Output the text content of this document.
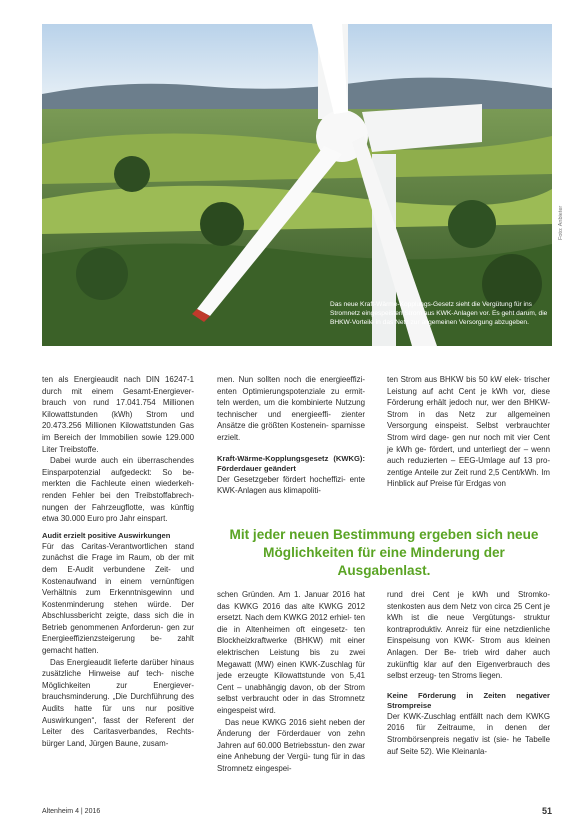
Das neue Kraft-Wärme-Kopplungs-Gesetz sieht die Vergütung für ins Stromnetz eingespeisten Strom aus KWK-Anlagen vor. Es geht darum, die BHKW-Vorteile in das Netz zur allgemeinen Versorgung abzugeben.
Foto: Anbieter
ten als Energieaudit nach DIN 16247-1 durch mit einem Gesamt-Energiever- brauch von rund 17.041.754 Millionen Kilowattstunden (kWh) Strom und 20.473.256 Millionen Kilowattstunden Gas im Bereich der Immobilien sowie 129.000 Liter Treibstoffe.
Dabei wurde auch ein überraschendes Einsparpotenzial aufgedeckt: So be- merkten die Fachleute einen wiederkeh- renden Fehler bei den Treibstoffabrech- nungen der Fahrzeugflotte, was künftig etwa 30.000 Euro pro Jahr einspart.
Audit erzielt positive Auswirkungen
Für das Caritas-Verantwortlichen stand zunächst die Frage im Raum, ob der mit dem E-Audit verbundene Zeit- und Kostenaufwand in einem vernünftigen Verhältnis zum Erkenntnisgewinn und Kostenminderung stehen würde. Der Abschlussbericht zeigte, dass sich die in Betrieb genommenen Anforderun- gen zur Energieeffizienzsteigerung be- zahlt gemacht hatten.
Das Energieaudit lieferte darüber hinaus zusätzliche Hinweise auf tech- nische Möglichkeiten zur Energiever- brauchsminderung. „Die Durchführung des Audits hatte für uns nur positive Auswirkungen“, fasst der Referent der Leiter des Caritasverbandes, Rechts- bürger Land, Jürgen Baune, zusam-
men. Nun sollten noch die energieeffizi- enten Optimierungspotenziale zu ermit- teln werden, um die kombinierte Nutzung technischer und energieeffi- zienter Ansätze die größten Kostenein- sparnisse erzielt.
Kraft-Wärme-Kopplungsgesetz (KWKG): Förderdauer geändert
Der Gesetzgeber fördert hocheffizi- ente KWK-Anlagen aus klimapoliti-
ten Strom aus BHKW bis 50 kW elek- trischer Leistung auf acht Cent je kWh vor, diese Förderung erhält jedoch nur, wer den BHKW-Strom in das Netz zur allgemeinen Versorgung einspeist. Selbst verbrauchter Strom wird dage- gen nur noch mit vier Cent je kWh ge- fördert, und unterliegt der – wenn auch reduzierten – EEG-Umlage auf 13 pro- zentige Anteile zur Zeit rund 2,5 Cent/kWh. Im Hinblick auf Preise für Erdgas von
Mit jeder neuen Bestimmung ergeben sich neue Möglichkeiten für eine Minderung der Ausgabenlast.
schen Gründen. Am 1. Januar 2016 hat das KWKG 2016 das alte KWKG 2012 ersetzt. Nach dem KWKG 2012 erhiel- ten die in Altenheimen oft eingesetz- ten Blockheizkraftwerke (BHKW) mit einer elektrischen Leistung bis zu zwei Megawatt (MW) einen KWK-Zuschlag für jede erzeugte Kilowattstunde von 5,41 Cent – unabhängig davon, ob der Strom selbst verbraucht oder in das Stromnetz eingespeist wird.
Das neue KWKG 2016 sieht neben der Änderung der Förderdauer von zehn Jahren auf 60.000 Betriebsstun- den zwar eine Anhebung der Vergü- tung für in das Stromnetz eingespei-
rund drei Cent je kWh und Stromko- stenkosten aus dem Netz von circa 25 Cent je kWh ist die neue Vergütungs- struktur kontraproduktiv. Anreiz für eine netzdienliche Einspeisung von KWK- Strom aus kleinen Anlagen. Der Be- trieb wird daher auch zukünftig klar auf den Eigenverbrauch des selbst erzeug- ten Stroms liegen.
Keine Förderung in Zeiten negativer Strompreise
Der KWK-Zuschlag entfällt nach dem KWKG 2016 für Zeitraume, in denen der Strombörsenpreis negativ ist (sie- he Tabelle auf Seite 52). Wie Kleinanla-
Altenheim 4 | 2016	51
